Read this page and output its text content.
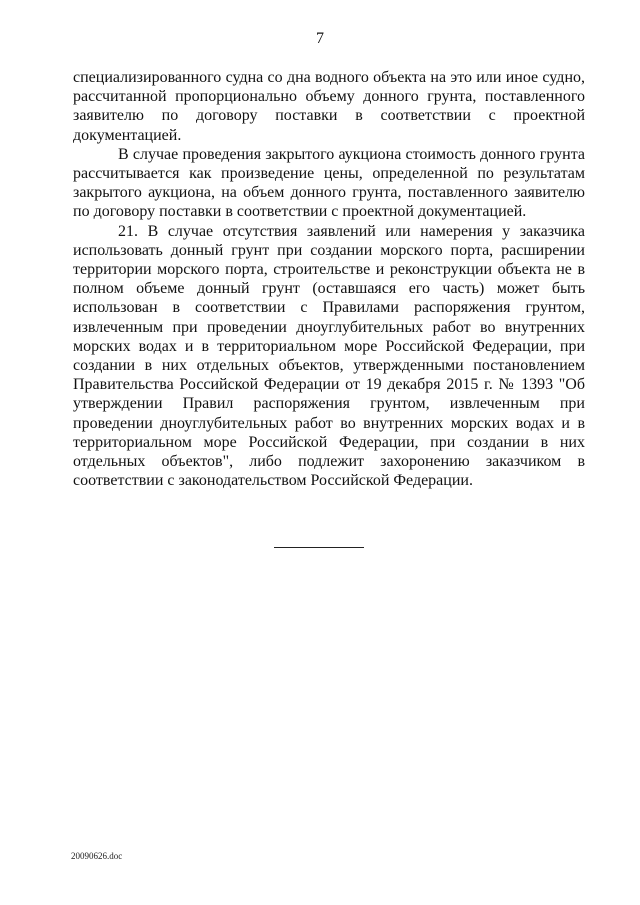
7

специализированного судна со дна водного объекта на это или иное судно, рассчитанной пропорционально объему донного грунта, поставленного заявителю по договору поставки в соответствии с проектной документацией.

В случае проведения закрытого аукциона стоимость донного грунта рассчитывается как произведение цены, определенной по результатам закрытого аукциона, на объем донного грунта, поставленного заявителю по договору поставки в соответствии с проектной документацией.

21. В случае отсутствия заявлений или намерения у заказчика использовать донный грунт при создании морского порта, расширении территории морского порта, строительстве и реконструкции объекта не в полном объеме донный грунт (оставшаяся его часть) может быть использован в соответствии с Правилами распоряжения грунтом, извлеченным при проведении дноуглубительных работ во внутренних морских водах и в территориальном море Российской Федерации, при создании в них отдельных объектов, утвержденными постановлением Правительства Российской Федерации от 19 декабря 2015 г. № 1393 "Об утверждении Правил распоряжения грунтом, извлеченным при проведении дноуглубительных работ во внутренних морских водах и в территориальном море Российской Федерации, при создании в них отдельных объектов", либо подлежит захоронению заказчиком в соответствии с законодательством Российской Федерации.

20090626.doc
